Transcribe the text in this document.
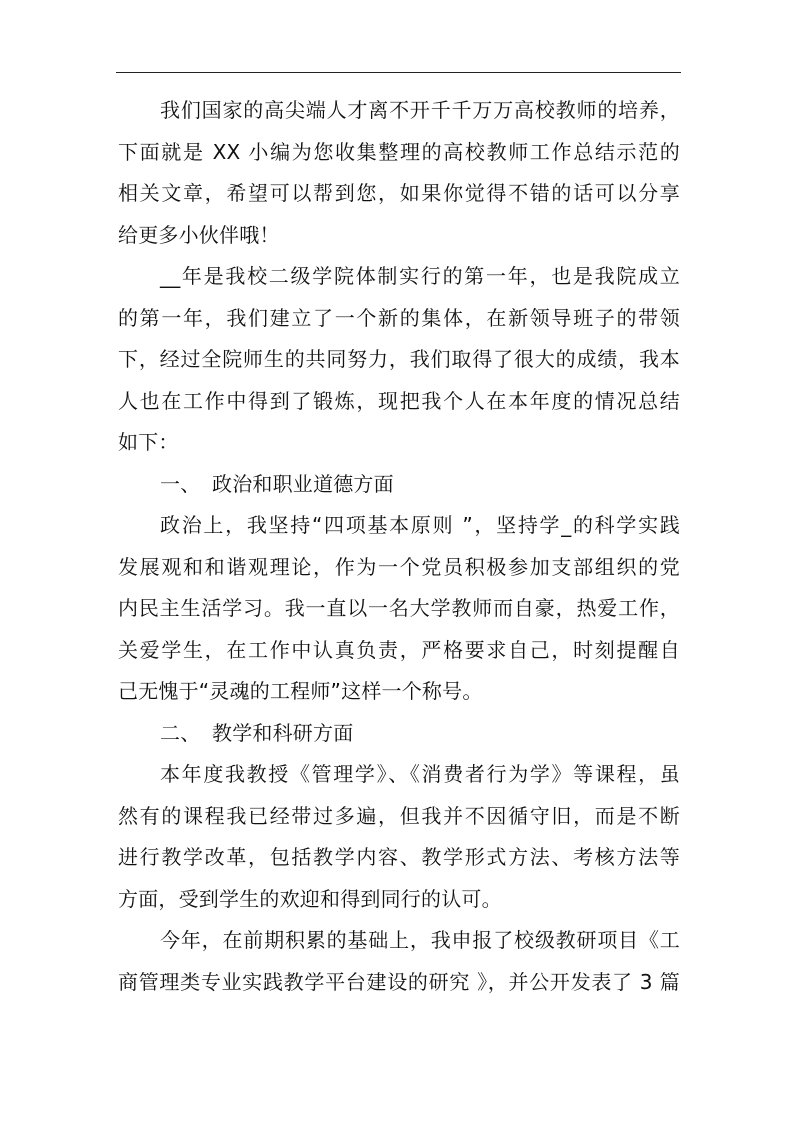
我们国家的高尖端人才离不开千千万万高校教师的培养，
下面就是 XX 小编为您收集整理的高校教师工作总结示范的
相关文章，希望可以帮到您，如果你觉得不错的话可以分享
给更多小伙伴哦！
__年是我校二级学院体制实行的第一年，也是我院成立
的第一年，我们建立了一个新的集体，在新领导班子的带领
下，经过全院师生的共同努力，我们取得了很大的成绩，我本
人也在工作中得到了锻炼，现把我个人在本年度的情况总结
如下：
一、 政治和职业道德方面
政治上，我坚持“四项基本原则 ”，坚持学_的科学实践
发展观和和谐观理论，作为一个党员积极参加支部组织的党
内民主生活学习。我一直以一名大学教师而自豪，热爱工作，
关爱学生，在工作中认真负责，严格要求自己，时刻提醒自
己无愧于“灵魂的工程师”这样一个称号。
二、 教学和科研方面
本年度我教授《管理学》、《消费者行为学》等课程，虽
然有的课程我已经带过多遍，但我并不因循守旧，而是不断
进行教学改革，包括教学内容、教学形式方法、考核方法等
方面，受到学生的欢迎和得到同行的认可。
今年，在前期积累的基础上，我申报了校级教研项目《工
商管理类专业实践教学平台建设的研究 》，并公开发表了 3 篇
